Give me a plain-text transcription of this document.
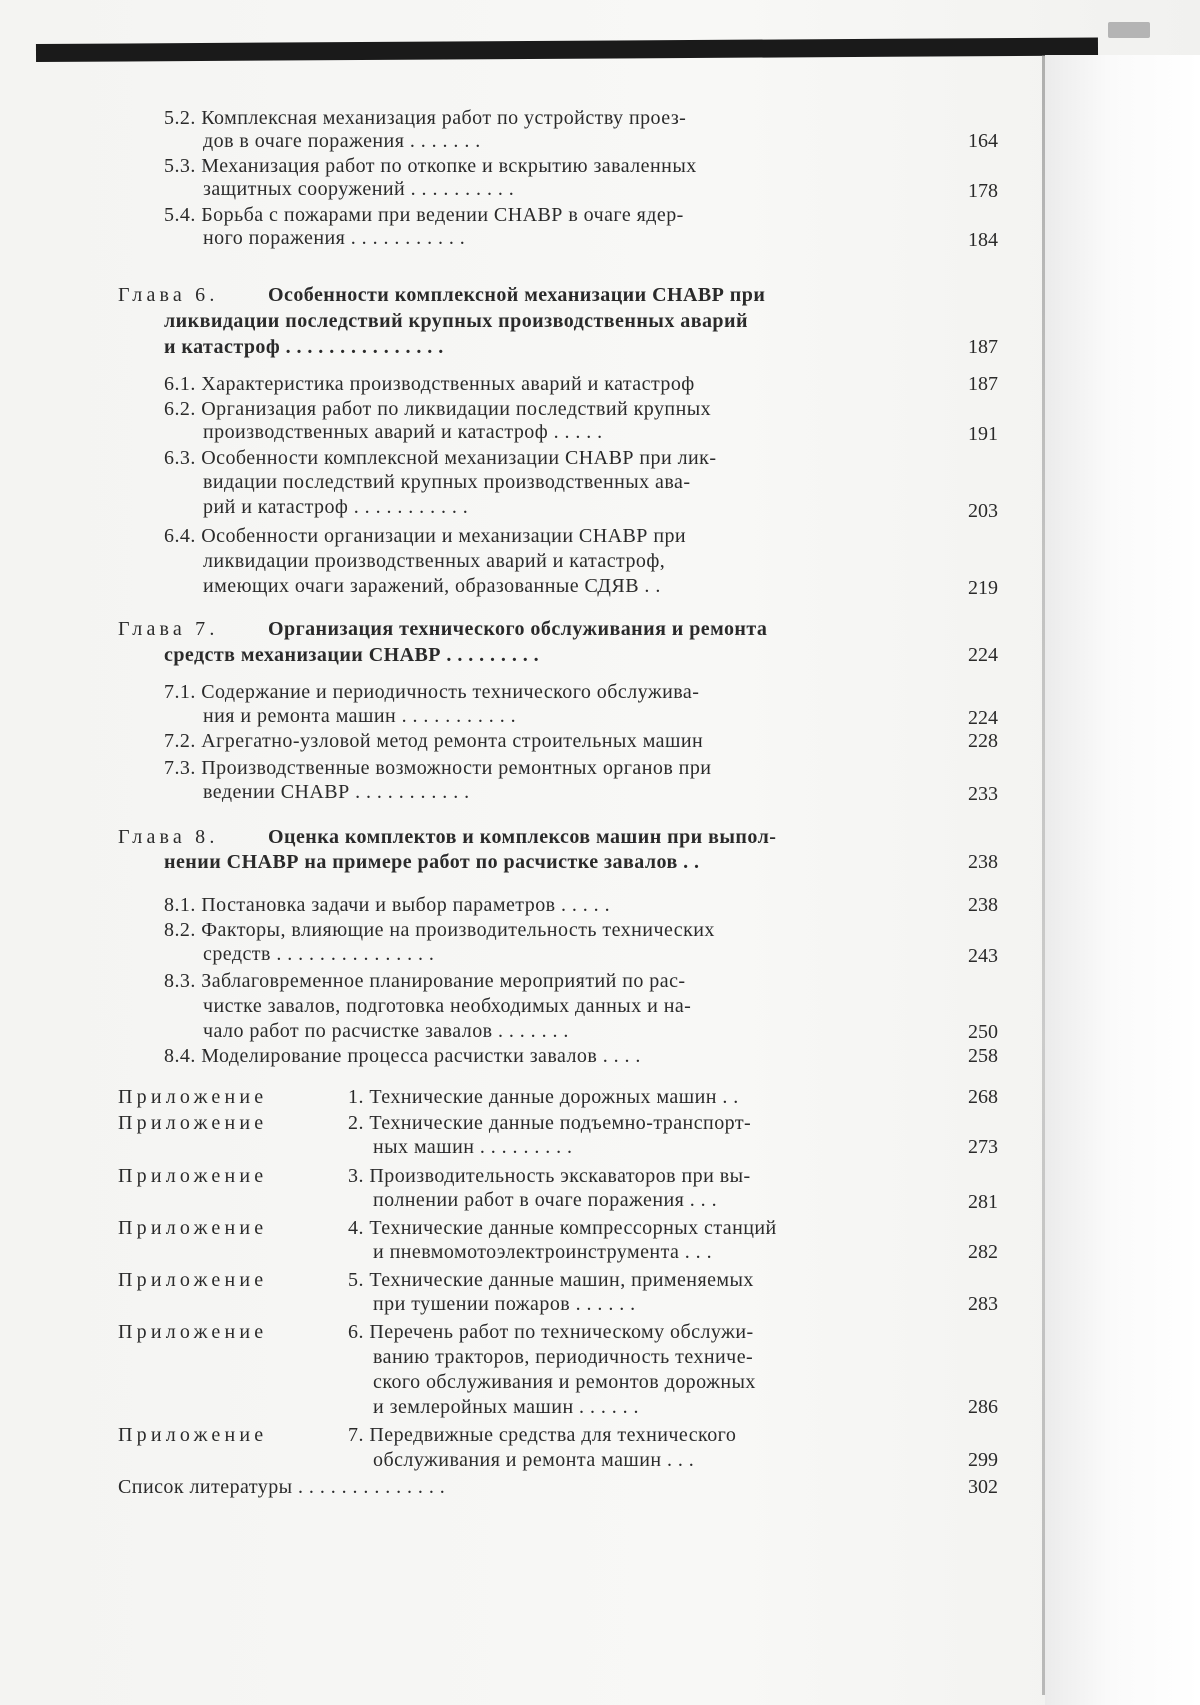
5.2. Комплексная механизация работ по устройству проез-
дов в очаге поражения . . . . . . .	164
5.3. Механизация работ по откопке и вскрытию заваленных
защитных сооружений . . . . . . . . . .	178
5.4. Борьба с пожарами при ведении СНАВР в очаге ядер-
ного поражения . . . . . . . . . . .	184
Глава 6. Особенности комплексной механизации СНАВР при
ликвидации последствий крупных производственных аварий
и катастроф . . . . . . . . . . . . . . .	187
6.1. Характеристика производственных аварий и катастроф	187
6.2. Организация работ по ликвидации последствий крупных
производственных аварий и катастроф . . . . .	191
6.3. Особенности комплексной механизации СНАВР при лик-
видации последствий крупных производственных ава-
рий и катастроф . . . . . . . . . . .	203
6.4. Особенности организации и механизации СНАВР при
ликвидации производственных аварий и катастроф,
имеющих очаги заражений, образованные СДЯВ . .	219
Глава 7. Организация технического обслуживания и ремонта
средств механизации СНАВР . . . . . . . . .	224
7.1. Содержание и периодичность технического обслужива-
ния и ремонта машин . . . . . . . . . . .	224
7.2. Агрегатно-узловой метод ремонта строительных машин	228
7.3. Производственные возможности ремонтных органов при
ведении СНАВР . . . . . . . . . . .	233
Глава 8. Оценка комплектов и комплексов машин при выпол-
нении СНАВР на примере работ по расчистке завалов . .	238
8.1. Постановка задачи и выбор параметров . . . . .	238
8.2. Факторы, влияющие на производительность технических
средств . . . . . . . . . . . . . . .	243
8.3. Заблаговременное планирование мероприятий по рас-
чистке завалов, подготовка необходимых данных и на-
чало работ по расчистке завалов . . . . . . .	250
8.4. Моделирование процесса расчистки завалов . . . .	258
Приложение	1. Технические данные дорожных машин . .	268
Приложение	2. Технические данные подъемно-транспорт-
ных машин . . . . . . . . .	273
Приложение	3. Производительность экскаваторов при вы-
полнении работ в очаге поражения . . .	281
Приложение	4. Технические данные компрессорных станций
и пневмомотоэлектроинструмента . . .	282
Приложение	5. Технические данные машин, применяемых
при тушении пожаров . . . . . .	283
Приложение	6. Перечень работ по техническому обслужи-
ванию тракторов, периодичность техниче-
ского обслуживания и ремонтов дорожных
и землеройных машин . . . . . .	286
Приложение	7. Передвижные средства для технического
обслуживания и ремонта машин . . .	299
Список литературы . . . . . . . . . . . . . .	302
